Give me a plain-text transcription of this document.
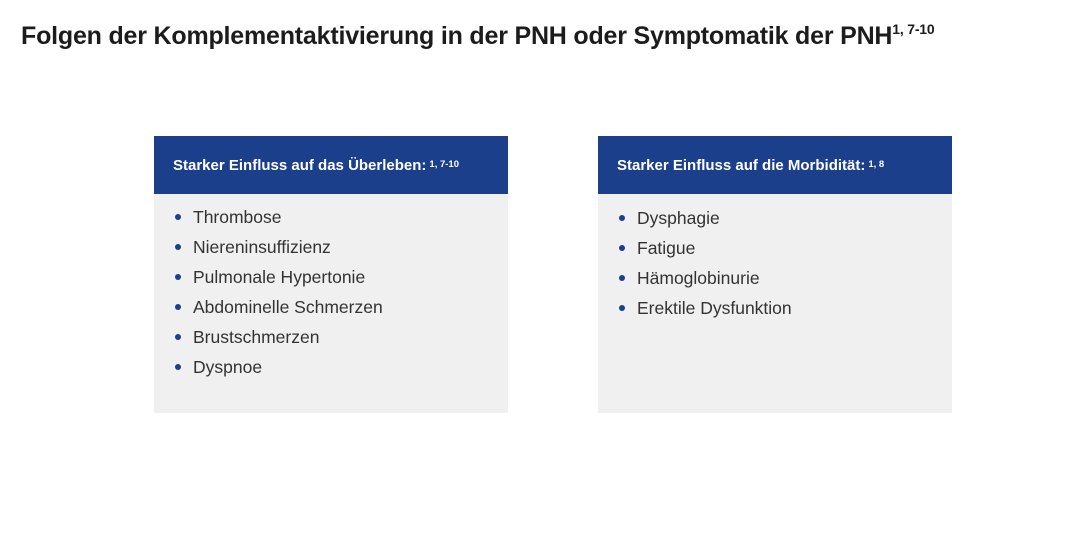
Folgen der Komplementaktivierung in der PNH oder Symptomatik der PNH$^{1, 7-10}$
Starker Einfluss auf das Überleben: 1, 7-10
Thrombose
Niereninsuffizienz
Pulmonale Hypertonie
Abdominelle Schmerzen
Brustschmerzen
Dyspnoe
Starker Einfluss auf die Morbidität: 1, 8
Dysphagie
Fatigue
Hämoglobinurie
Erektile Dysfunktion
